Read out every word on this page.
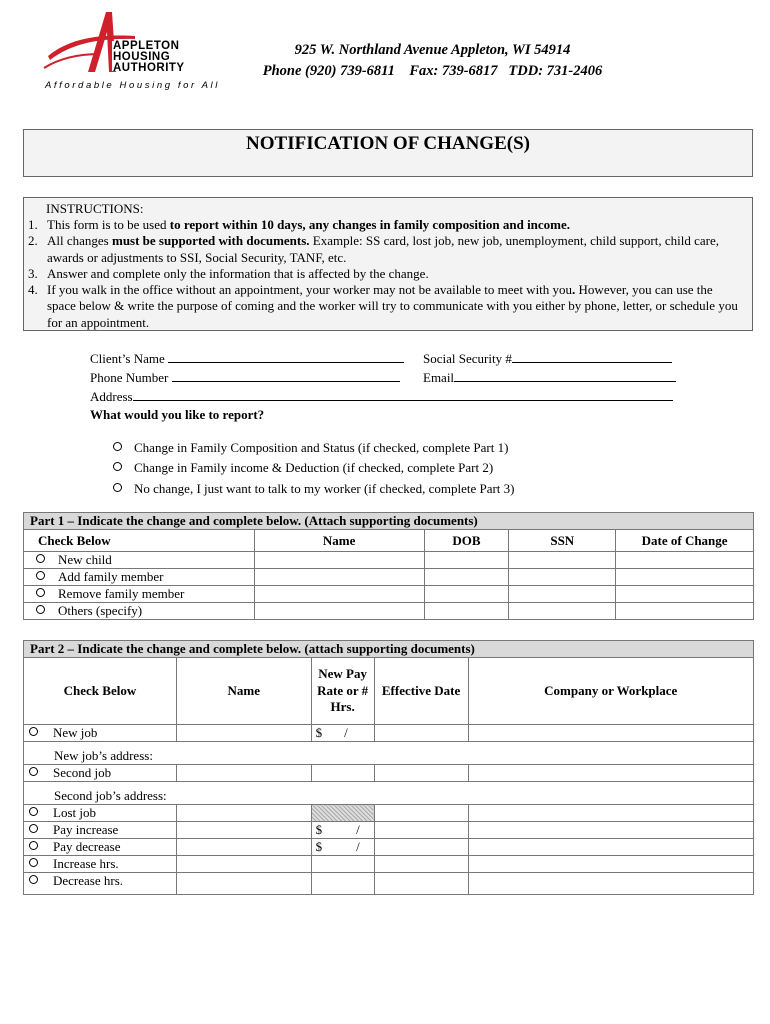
APPLETON
HOUSING
AUTHORITY
Affordable Housing for All
925 W. Northland Avenue Appleton, WI 54914
Phone (920) 739-6811    Fax: 739-6817   TDD: 731-2406
NOTIFICATION OF CHANGE(S)
INSTRUCTIONS:
1. This form is to be used to report within 10 days, any changes in family composition and income.
2. All changes must be supported with documents. Example: SS card, lost job, new job, unemployment, child support, child care, awards or adjustments to SSI, Social Security, TANF, etc.
3. Answer and complete only the information that is affected by the change.
4. If you walk in the office without an appointment, your worker may not be available to meet with you. However, you can use the space below & write the purpose of coming and the worker will try to communicate with you either by phone, letter, or schedule you for an appointment.
Client’s Name	Social Security #
Phone Number	Email
Address
What would you like to report?
Change in Family Composition and Status (if checked, complete Part 1)
Change in Family income & Deduction (if checked, complete Part 2)
No change, I just want to talk to my worker (if checked, complete Part 3)
Part 1 – Indicate the change and complete below. (Attach supporting documents)				
Check Below	Name	DOB	SSN	Date of Change
New child				
Add family member				
Remove family member				
Others (specify)				
Part 2 – Indicate the change and complete below. (attach supporting documents)				
Check Below	Name	New Pay Rate or # Hrs.	Effective Date	Company or Workplace
New job		$ /		
New job’s address:				
Second job				
Second job’s address:				
Lost job				
Pay increase		$ /		
Pay decrease		$ /		
Increase hrs.				
Decrease hrs.				
